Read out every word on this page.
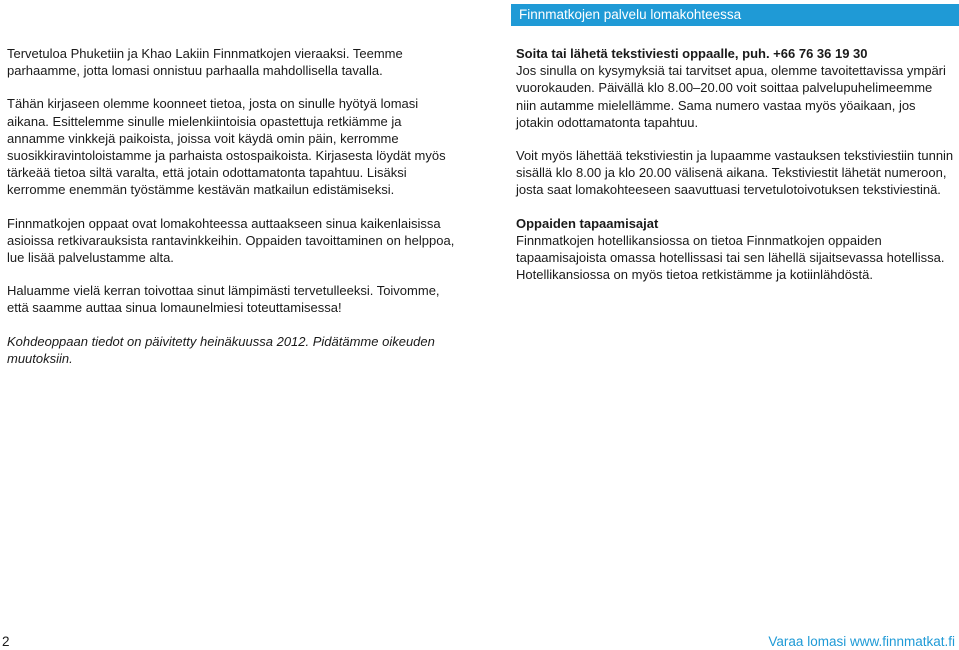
Finnmatkojen palvelu lomakohteessa

Tervetuloa Phuketiin ja Khao Lakiin Finnmatkojen vieraaksi. Teemme parhaamme, jotta lomasi onnistuu parhaalla mahdollisella tavalla.

Tähän kirjaseen olemme koonneet tietoa, josta on sinulle hyötyä lomasi aikana. Esittelemme sinulle mielenkiintoisia opastettuja retkiämme ja annamme vinkkejä paikoista, joissa voit käydä omin päin, kerromme suosikkiravintoloistamme ja parhaista ostospaikoista. Kirjasesta löydät myös tärkeää tietoa siltä varalta, että jotain odottamatonta tapahtuu. Lisäksi kerromme enemmän työstämme kestävän matkailun edistämiseksi.

Finnmatkojen oppaat ovat lomakohteessa auttaakseen sinua kaikenlaisissa asioissa retkivarauksista rantavinkkeihin. Oppaiden tavoittaminen on helppoa, lue lisää palvelustamme alta.

Haluamme vielä kerran toivottaa sinut lämpimästi tervetulleeksi. Toivomme, että saamme auttaa sinua lomaunelmiesi toteuttamisessa!

Kohdeoppaan tiedot on päivitetty heinäkuussa 2012. Pidätämme oikeuden muutoksiin.

Soita tai lähetä tekstiviesti oppaalle, puh. +66 76 36 19 30

Jos sinulla on kysymyksiä tai tarvitset apua, olemme tavoitettavissa ympäri vuorokauden. Päivällä klo 8.00–20.00 voit soittaa palvelupuhelimeemme niin autamme mielellämme. Sama numero vastaa myös yöaikaan, jos jotakin odottamatonta tapahtuu.

Voit myös lähettää tekstiviestin ja lupaamme vastauksen tekstiviestiin tunnin sisällä klo 8.00 ja klo 20.00 välisenä aikana. Tekstiviestit lähetät numeroon, josta saat lomakohteeseen saavuttuasi tervetulotoivotuksen tekstiviestinä.

Oppaiden tapaamisajat

Finnmatkojen hotellikansiossa on tietoa Finnmatkojen oppaiden tapaamisajoista omassa hotellissasi tai sen lähellä sijaitsevassa hotellissa. Hotellikansiossa on myös tietoa retkistämme ja kotiinlähdöstä.

2	Varaa lomasi www.finnmatkat.fi
